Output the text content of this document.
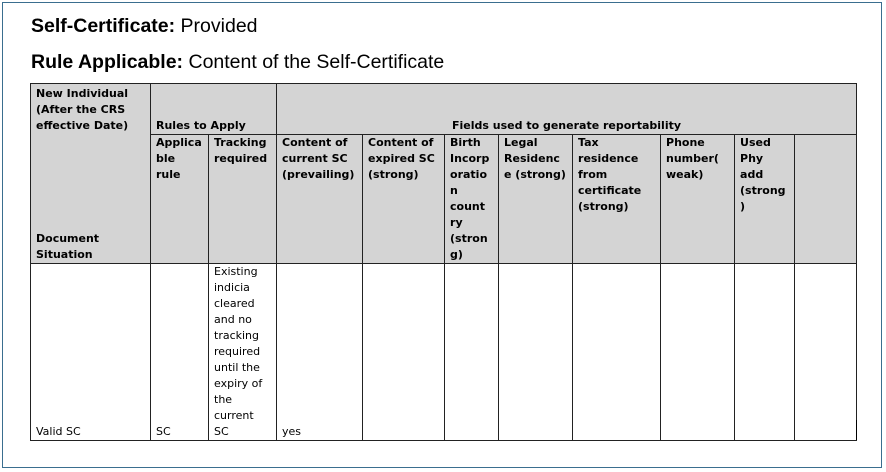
Self-Certificate: Provided
Rule Applicable: Content of the Self-Certificate
New Individual (After the CRS effective Date)
Document Situation	Rules to Apply		Fields used to generate reportability							
	Applica ble rule	Tracking required	Content of current SC (prevailing)	Content of expired SC (strong)	Birth Incorp oratio n count ry (stron g)	Legal Residence (strong)	Tax residence from certificate (strong)	Phone number( weak)	Used Phy add (strong )	
Valid SC	SC	Existing indicia cleared and no tracking required until the expiry of the current SC	yes							
